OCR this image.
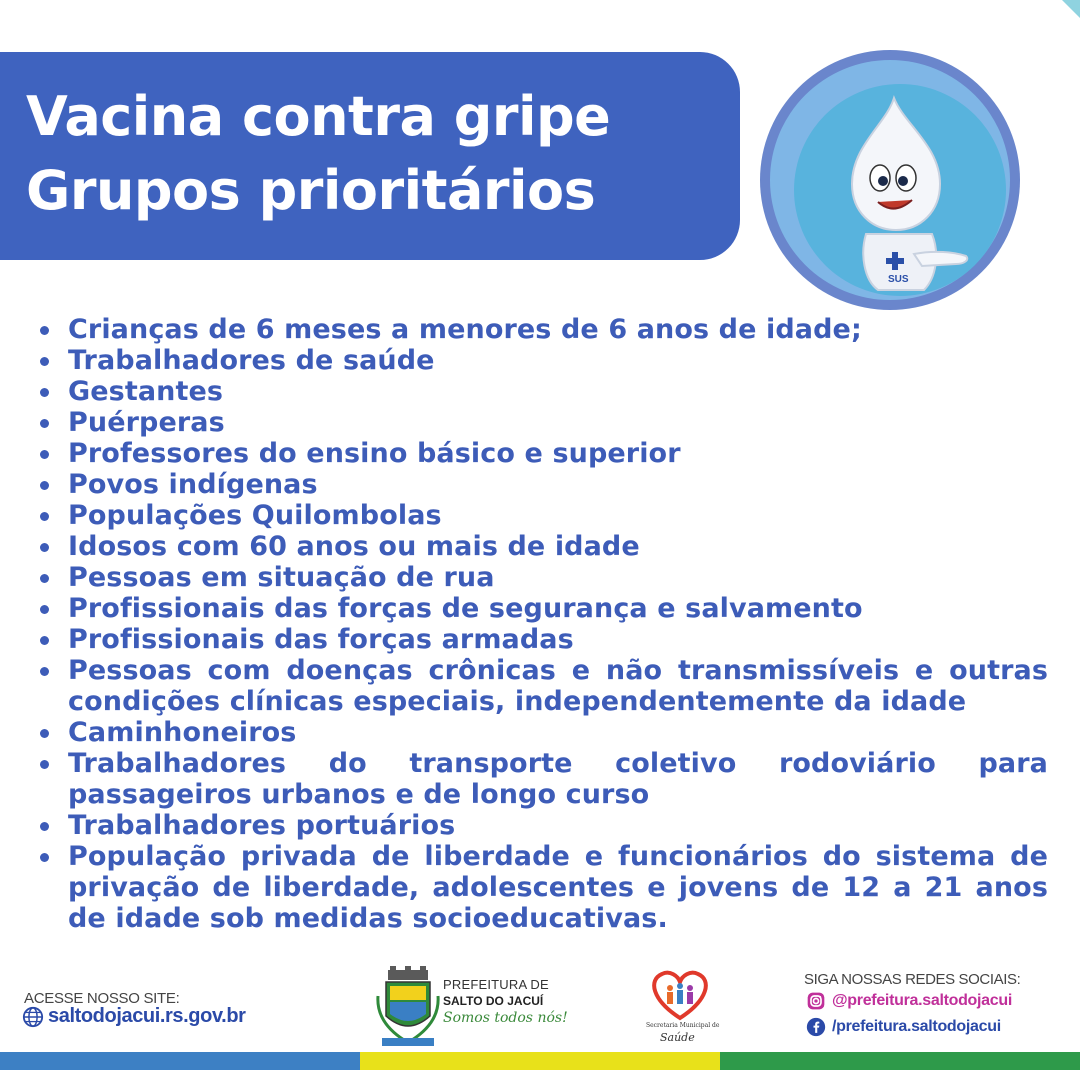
Vacina contra gripe
Grupos prioritários
SUS
Crianças de 6 meses a menores de 6 anos de idade;
Trabalhadores de saúde
Gestantes
Puérperas
Professores do ensino básico e superior
Povos indígenas
Populações Quilombolas
Idosos com 60 anos ou mais de idade
Pessoas em situação de rua
Profissionais das forças de segurança e salvamento
Profissionais das forças armadas
Pessoas com doenças crônicas e não transmissíveis e outras condições clínicas especiais, independentemente da idade
Caminhoneiros
Trabalhadores do transporte coletivo rodoviário para passageiros urbanos e de longo curso
Trabalhadores portuários
População privada de liberdade e funcionários do sistema de privação de liberdade, adolescentes e jovens de 12 a 21 anos de idade sob medidas socioeducativas.
ACESSE NOSSO SITE:
saltodojacui.rs.gov.br
PREFEITURA DE
SALTO DO JACUÍ
Somos todos nós!	Secretaria Municipal de
Saúde
SIGA NOSSAS REDES SOCIAIS:
@prefeitura.saltodojacui
/prefeitura.saltodojacui
